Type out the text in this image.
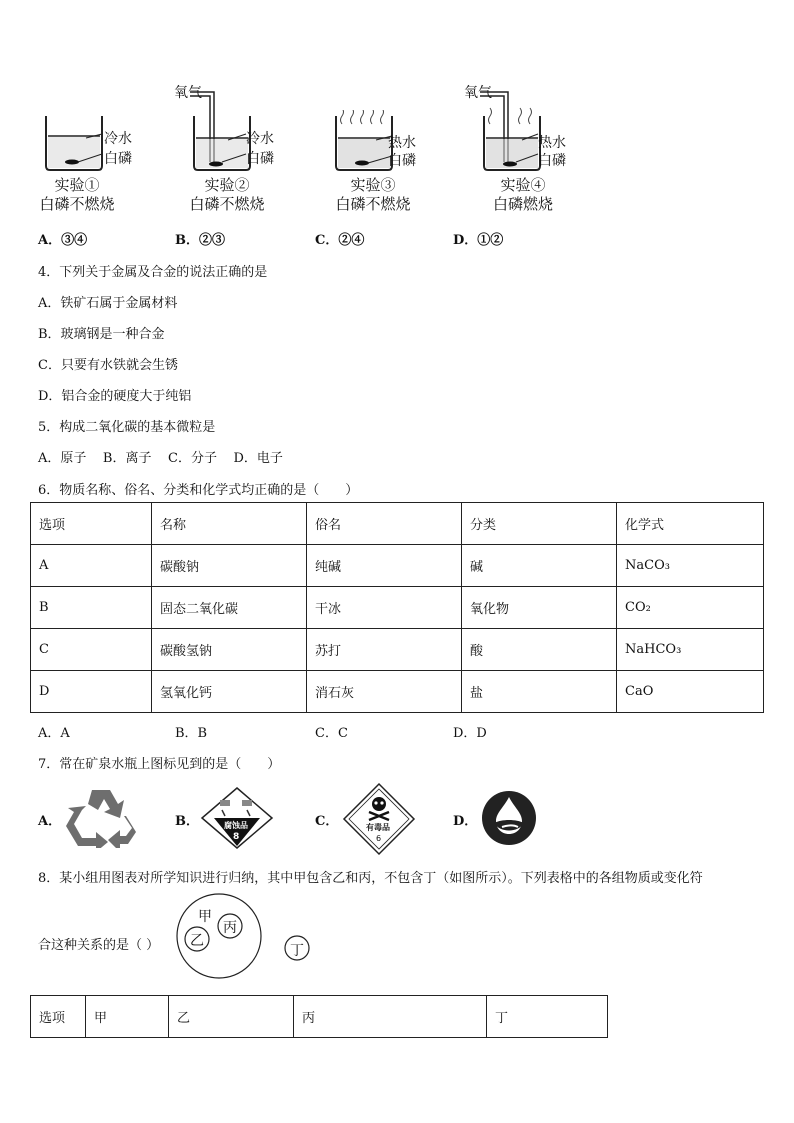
冷水
白磷
实验①
白磷不燃烧
氧气
冷水
白磷
实验②
白磷不燃烧
热水
白磷
实验③
白磷不燃烧
氧气
热水
白磷
实验④
白磷燃烧
A．③④	B．②③	C．②④	D．①②
4．下列关于金属及合金的说法正确的是
A．铁矿石属于金属材料
B．玻璃钢是一种合金
C．只要有水铁就会生锈
D．铝合金的硬度大于纯铝
5．构成二氧化碳的基本微粒是
A．原子    B．离子    C．分子    D．电子
6．物质名称、俗名、分类和化学式均正确的是（　　）
选项	名称	俗名	分类	化学式
A	碳酸钠	纯碱	碱	NaCO₃
B	固态二氧化碳	干冰	氧化物	CO₂
C	碳酸氢钠	苏打	酸	NaHCO₃
D	氢氧化钙	消石灰	盐	CaO
A．A	B．B	C．C	D．D
7．常在矿泉水瓶上图标见到的是（　　）
A．	B．	腐蚀品
8
C．	有毒品
6
D．
8．某小组用图表对所学知识进行归纳，其中甲包含乙和丙，不包含丁（如图所示）。下列表格中的各组物质或变化符
甲
乙
丙
丁
合这种关系的是（ ）
选项	甲	乙	丙	丁
